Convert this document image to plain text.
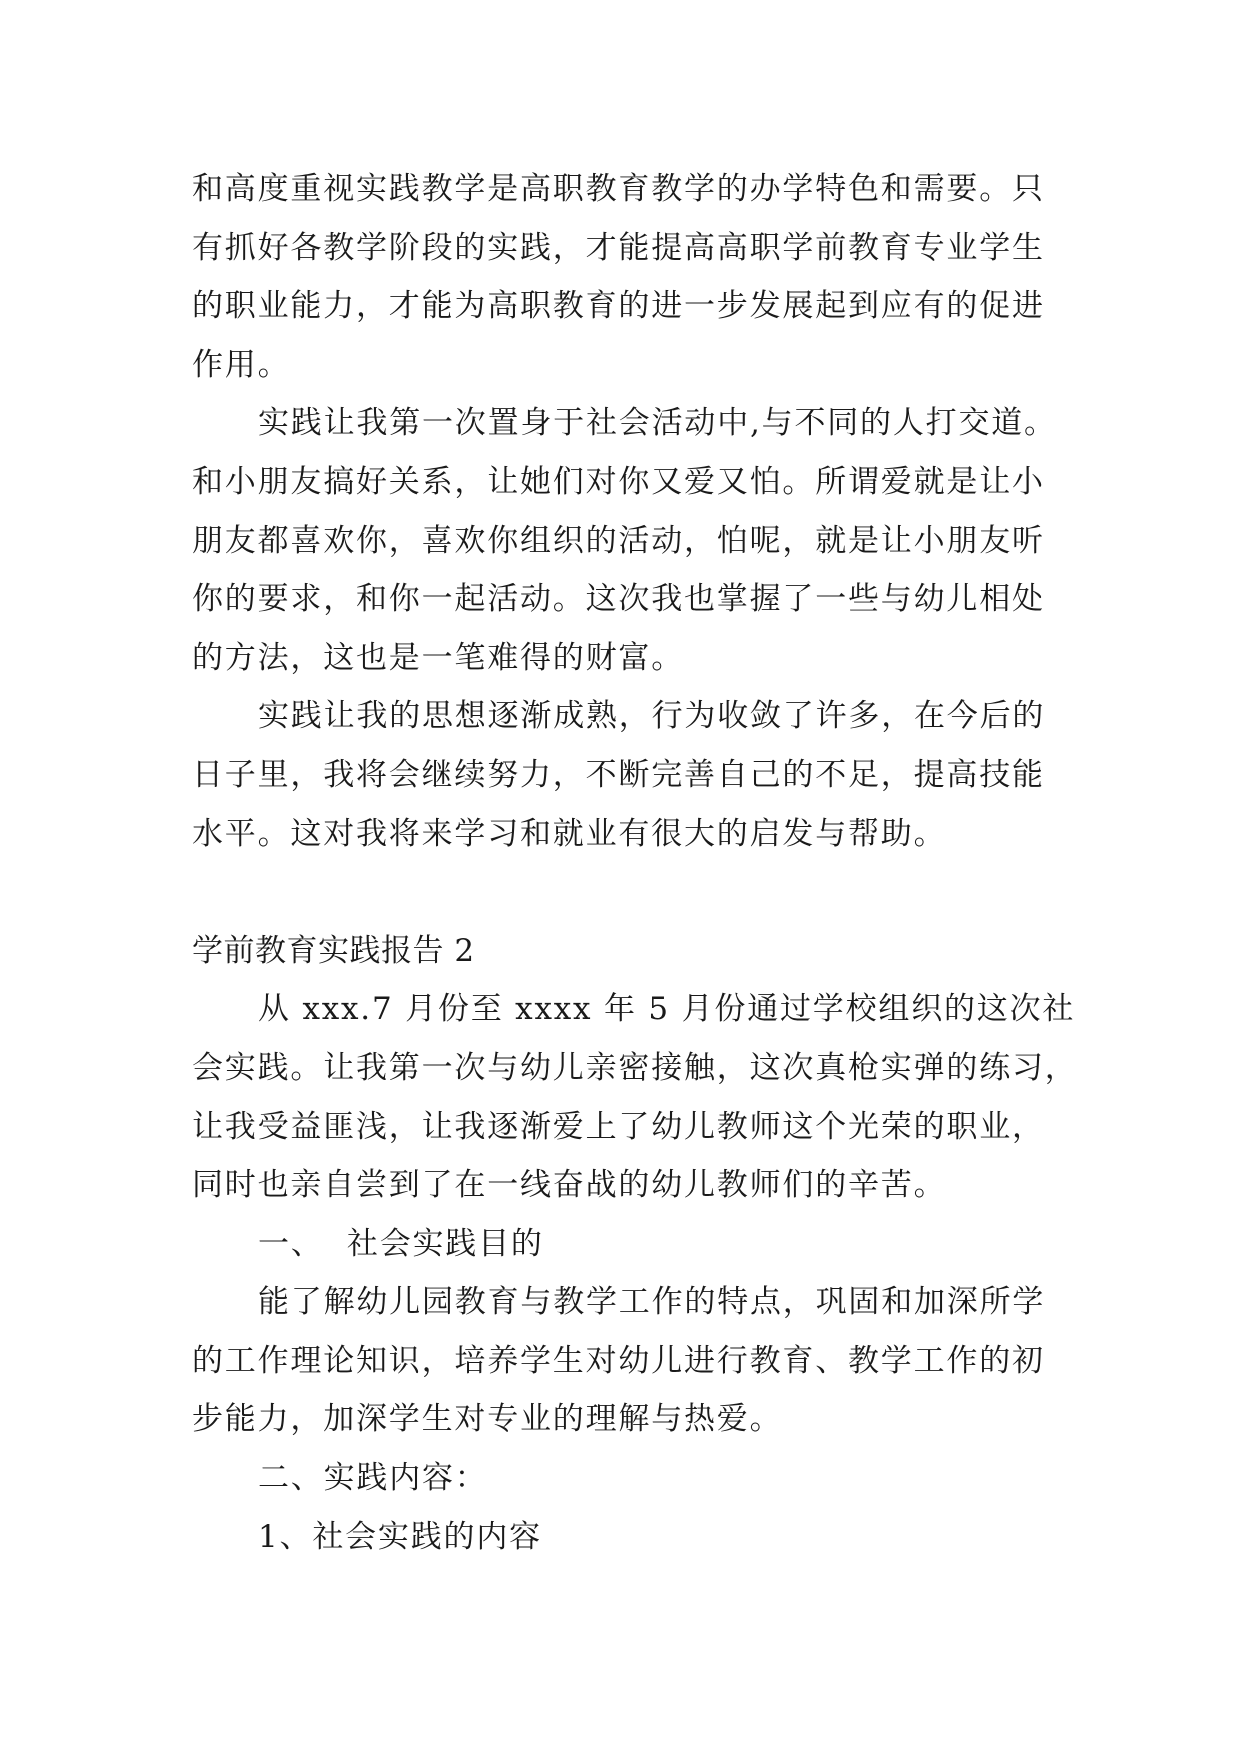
和高度重视实践教学是高职教育教学的办学特色和需要。只

有抓好各教学阶段的实践，才能提高高职学前教育专业学生

的职业能力，才能为高职教育的进一步发展起到应有的促进

作用。

实践让我第一次置身于社会活动中,与不同的人打交道。

和小朋友搞好关系，让她们对你又爱又怕。所谓爱就是让小

朋友都喜欢你，喜欢你组织的活动，怕呢，就是让小朋友听

你的要求，和你一起活动。这次我也掌握了一些与幼儿相处

的方法，这也是一笔难得的财富。

实践让我的思想逐渐成熟，行为收敛了许多，在今后的

日子里，我将会继续努力，不断完善自己的不足，提高技能

水平。这对我将来学习和就业有很大的启发与帮助。

学前教育实践报告 2

从 xxx.7 月份至 xxxx 年 5 月份通过学校组织的这次社

会实践。让我第一次与幼儿亲密接触，这次真枪实弹的练习，

让我受益匪浅，让我逐渐爱上了幼儿教师这个光荣的职业，

同时也亲自尝到了在一线奋战的幼儿教师们的辛苦。

一、  社会实践目的

能了解幼儿园教育与教学工作的特点，巩固和加深所学

的工作理论知识，培养学生对幼儿进行教育、教学工作的初

步能力，加深学生对专业的理解与热爱。

二、实践内容：

1、社会实践的内容
